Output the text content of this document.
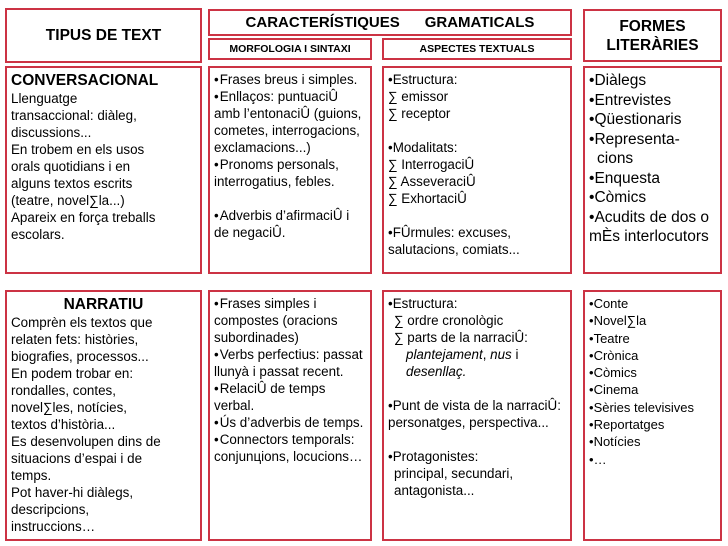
TIPUS DE TEXT
CARACTERÍSTIQUES      GRAMATICALS
MORFOLOGIA I SINTAXI	ASPECTES TEXTUALS
FORMES
LITERÀRIES
CONVERSACIONAL
Llenguatge
transaccional: diàleg,
discussions...
En trobem en els usos
orals quotidians i en
alguns textos escrits
(teatre, novel∑la...)
Apareix en força treballs
escolars.
• Frases breus i simples.
• Enllaços: puntuaciÛ amb l’entonaciÛ (guions, cometes, interrogacions, exclamacions...)
• Pronoms personals, interrogatius, febles.
• Adverbis d’afirmaciÛ i de negaciÛ.
•Estructura:
∑ emissor
∑ receptor
•Modalitats:
∑ InterrogaciÛ
∑ AsseveraciÛ
∑ ExhortaciÛ
•FÛrmules: excuses, salutacions, comiats...
•Diàlegs
•Entrevistes
•Qüestionaris
•Representa-
cions
•Enquesta
•Còmics
•Acudits de dos o mÈs interlocutors
NARRATIU
Comprèn els textos que
relaten fets: històries,
biografies, processos...
En podem trobar en:
rondalles, contes,
novel∑les, notícies,
textos d’història...
Es desenvolupen dins de
situacions d’espai i de
temps.
Pot haver-hi diàlegs,
descripcions,
instruccions…
• Frases simples i compostes (oracions subordinades)
• Verbs perfectius: passat llunyà i passat recent.
• RelaciÛ de temps verbal.
• Ús d’adverbis de temps.
• Connectors temporals: conjunцions, locucions…
•Estructura:
∑ ordre cronològic
∑ parts de la narraciÛ:
plantejament, nus i
desenllaç.
•Punt de vista de la narraciÛ: personatges, perspectiva...
•Protagonistes:
principal, secundari, antagonista...
•Conte
•Novel∑la
•Teatre
•Crònica
•Còmics
•Cinema
•Sèries televisives
•Reportatges
•Notícies
•…
